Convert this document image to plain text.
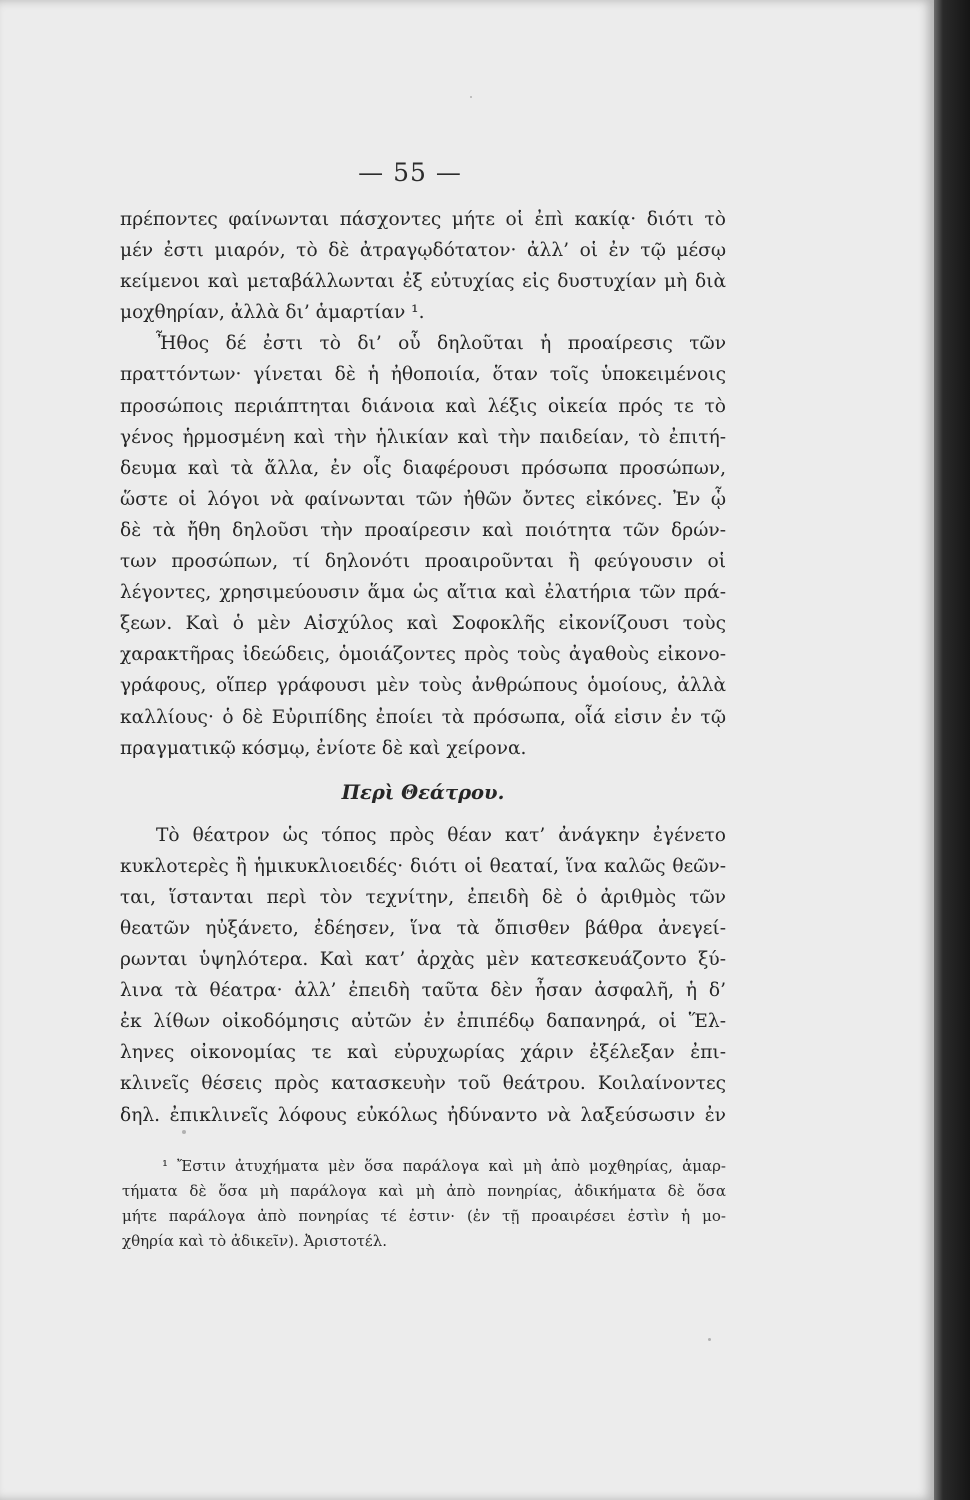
— 55 —
πρέποντες φαίνωνται πάσχοντες μήτε οἱ ἐπὶ κακίᾳ· διότι τὸ
μέν ἐστι μιαρόν, τὸ δὲ ἀτραγῳδότατον· ἀλλ’ οἱ ἐν τῷ μέσῳ
κείμενοι καὶ μεταβάλλωνται ἐξ εὐτυχίας εἰς δυστυχίαν μὴ διὰ
μοχθηρίαν, ἀλλὰ δι’ ἁμαρτίαν ¹.
Ἦθος δέ ἐστι τὸ δι’ οὗ δηλοῦται ἡ προαίρεσις τῶν
πραττόντων· γίνεται δὲ ἡ ἠθοποιία, ὅταν τοῖς ὑποκειμένοις
προσώποις περιάπτηται διάνοια καὶ λέξις οἰκεία πρός τε τὸ
γένος ἡρμοσμένη καὶ τὴν ἡλικίαν καὶ τὴν παιδείαν, τὸ ἐπιτή-
δευμα καὶ τὰ ἄλλα, ἐν οἷς διαφέρουσι πρόσωπα προσώπων,
ὥστε οἱ λόγοι νὰ φαίνωνται τῶν ἠθῶν ὄντες εἰκόνες. Ἐν ᾧ
δὲ τὰ ἤθη δηλοῦσι τὴν προαίρεσιν καὶ ποιότητα τῶν δρών-
των προσώπων, τί δηλονότι προαιροῦνται ἢ φεύγουσιν οἱ
λέγοντες, χρησιμεύουσιν ἅμα ὡς αἴτια καὶ ἐλατήρια τῶν πρά-
ξεων. Καὶ ὁ μὲν Αἰσχύλος καὶ Σοφοκλῆς εἰκονίζουσι τοὺς
χαρακτῆρας ἰδεώδεις, ὁμοιάζοντες πρὸς τοὺς ἀγαθοὺς εἰκονο-
γράφους, οἵπερ γράφουσι μὲν τοὺς ἀνθρώπους ὁμοίους, ἀλλὰ
καλλίους· ὁ δὲ Εὐριπίδης ἐποίει τὰ πρόσωπα, οἷά εἰσιν ἐν τῷ
πραγματικῷ κόσμῳ, ἐνίοτε δὲ καὶ χείρονα.
Περὶ Θεάτρου.
Τὸ θέατρον ὡς τόπος πρὸς θέαν κατ’ ἀνάγκην ἐγένετο
κυκλοτερὲς ἢ ἡμικυκλιοειδές· διότι οἱ θεαταί, ἵνα καλῶς θεῶν-
ται, ἵστανται περὶ τὸν τεχνίτην, ἐπειδὴ δὲ ὁ ἀριθμὸς τῶν
θεατῶν ηὐξάνετο, ἐδέησεν, ἵνα τὰ ὄπισθεν βάθρα ἀνεγεί-
ρωνται ὑψηλότερα. Καὶ κατ’ ἀρχὰς μὲν κατεσκευάζοντο ξύ-
λινα τὰ θέατρα· ἀλλ’ ἐπειδὴ ταῦτα δὲν ἦσαν ἀσφαλῆ, ἡ δ’
ἐκ λίθων οἰκοδόμησις αὐτῶν ἐν ἐπιπέδῳ δαπανηρά, οἱ Ἕλ-
ληνες οἰκονομίας τε καὶ εὐρυχωρίας χάριν ἐξέλεξαν ἐπι-
κλινεῖς θέσεις πρὸς κατασκευὴν τοῦ θεάτρου. Κοιλαίνοντες
δηλ. ἐπικλινεῖς λόφους εὐκόλως ἠδύναντο νὰ λαξεύσωσιν ἐν
¹ Ἔστιν ἀτυχήματα μὲν ὅσα παράλογα καὶ μὴ ἀπὸ μοχθηρίας, ἁμαρ-
τήματα δὲ ὅσα μὴ παράλογα καὶ μὴ ἀπὸ πονηρίας, ἀδικήματα δὲ ὅσα
μήτε παράλογα ἀπὸ πονηρίας τέ ἐστιν· (ἐν τῇ προαιρέσει ἐστὶν ἡ μο-
χθηρία καὶ τὸ ἀδικεῖν). Ἀριστοτέλ.
